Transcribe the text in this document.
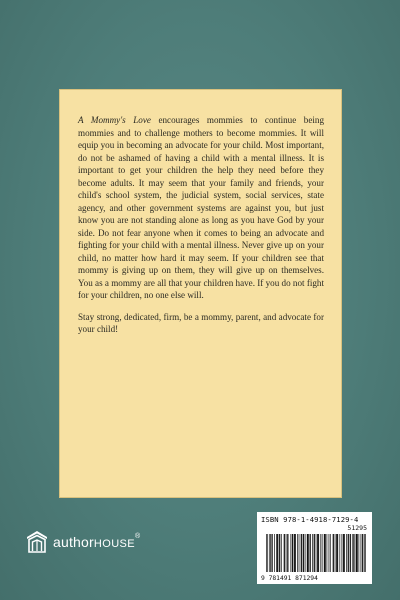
A Mommy's Love encourages mommies to continue being mommies and to challenge mothers to become mommies. It will equip you in becoming an advocate for your child. Most important, do not be ashamed of having a child with a mental illness. It is important to get your children the help they need before they become adults. It may seem that your family and friends, your child's school system, the judicial system, social services, state agency, and other government systems are against you, but just know you are not standing alone as long as you have God by your side. Do not fear anyone when it comes to being an advocate and fighting for your child with a mental illness. Never give up on your child, no matter how hard it may seem. If your children see that mommy is giving up on them, they will give up on themselves. You as a mommy are all that your children have. If you do not fight for your children, no one else will.

Stay strong, dedicated, firm, be a mommy, parent, and advocate for your child!

authorHOUSE®
ISBN 978-1-4918-7129-4
51295
9 781491 871294
